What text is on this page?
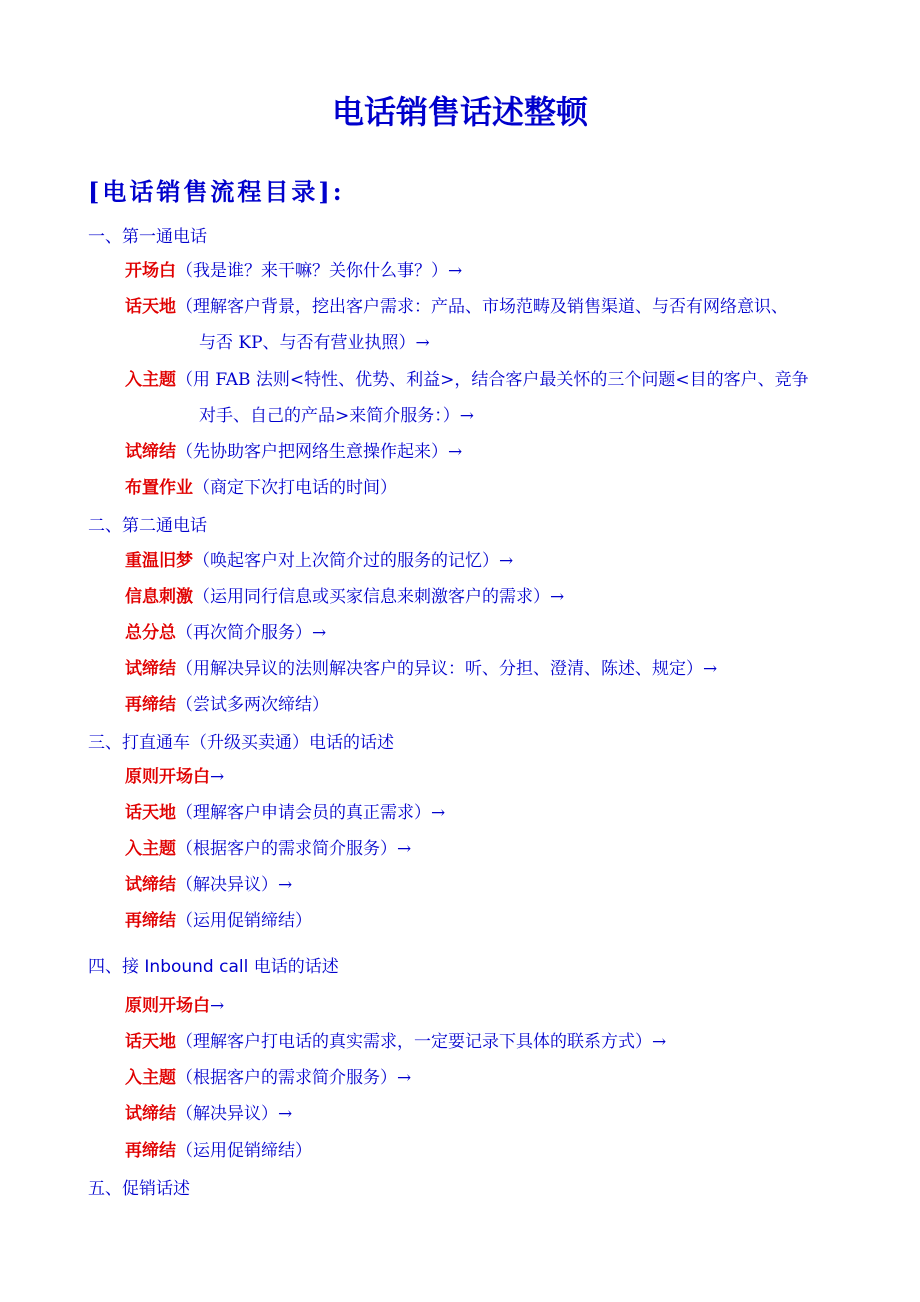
电话销售话述整顿
[电话销售流程目录]:
一、第一通电话
开场白（我是谁？来干嘛？关你什么事？）→
话天地（理解客户背景，挖出客户需求：产品、市场范畴及销售渠道、与否有网络意识、
与否 KP、与否有营业执照）→
入主题（用 FAB 法则<特性、优势、利益>，结合客户最关怀的三个问题<目的客户、竞争
对手、自己的产品>来简介服务：）→
试缔结（先协助客户把网络生意操作起来）→
布置作业（商定下次打电话的时间）
二、第二通电话
重温旧梦（唤起客户对上次简介过的服务的记忆）→
信息刺激（运用同行信息或买家信息来刺激客户的需求）→
总分总（再次简介服务）→
试缔结（用解决异议的法则解决客户的异议：听、分担、澄清、陈述、规定）→
再缔结（尝试多两次缔结）
三、打直通车（升级买卖通）电话的话述
原则开场白→
话天地（理解客户申请会员的真正需求）→
入主题（根据客户的需求简介服务）→
试缔结（解决异议）→
再缔结（运用促销缔结）
四、接 Inbound call 电话的话述
原则开场白→
话天地（理解客户打电话的真实需求，一定要记录下具体的联系方式）→
入主题（根据客户的需求简介服务）→
试缔结（解决异议）→
再缔结（运用促销缔结）
五、促销话述
